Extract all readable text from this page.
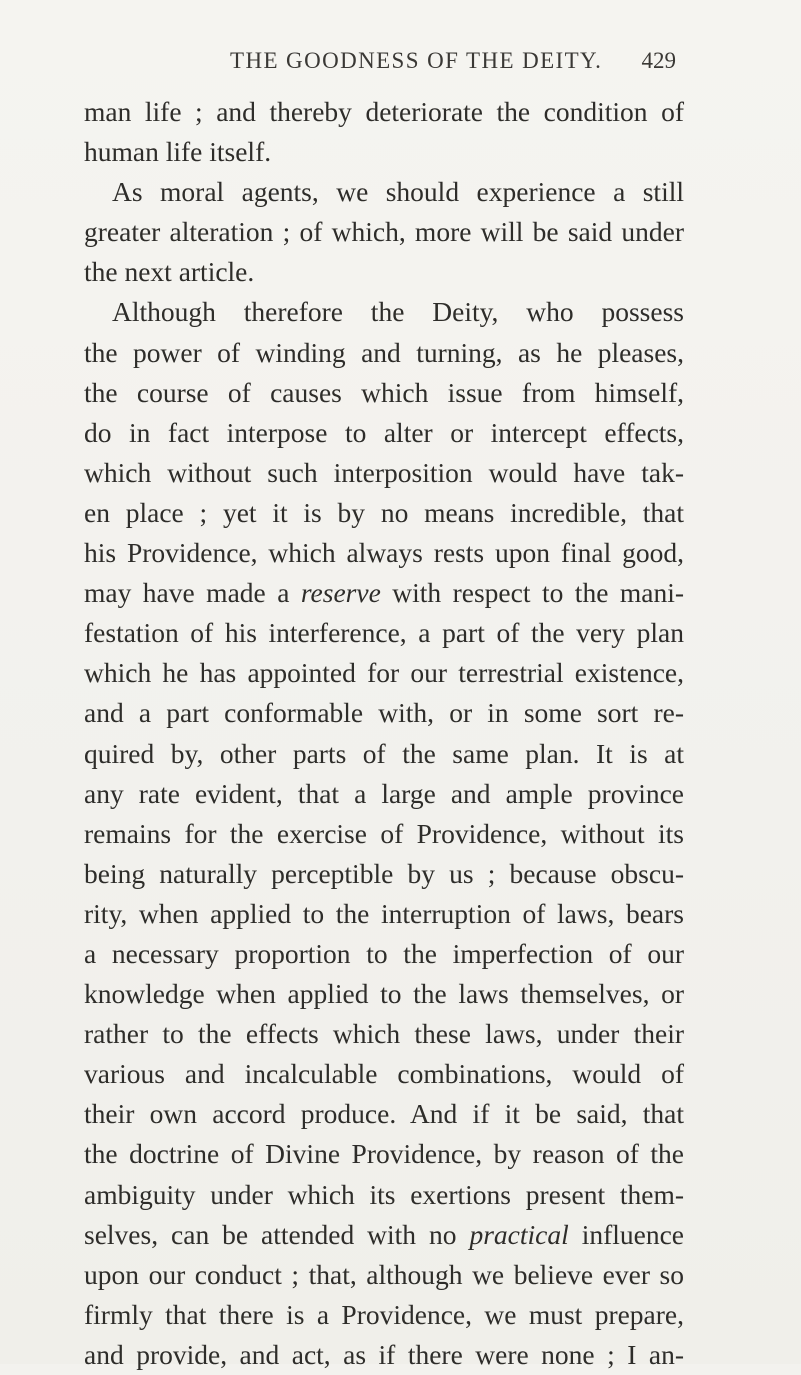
THE GOODNESS OF THE DEITY. 429
man life ; and thereby deteriorate the condition of
human life itself.
As moral agents, we should experience a still
greater alteration ; of which, more will be said under
the next article.
Although therefore the Deity, who possess
the power of winding and turning, as he pleases,
the course of causes which issue from himself,
do in fact interpose to alter or intercept effects,
which without such interposition would have tak-
en place ; yet it is by no means incredible, that
his Providence, which always rests upon final good,
may have made a reserve with respect to the mani-
festation of his interference, a part of the very plan
which he has appointed for our terrestrial existence,
and a part conformable with, or in some sort re-
quired by, other parts of the same plan. It is at
any rate evident, that a large and ample province
remains for the exercise of Providence, without its
being naturally perceptible by us ; because obscu-
rity, when applied to the interruption of laws, bears
a necessary proportion to the imperfection of our
knowledge when applied to the laws themselves, or
rather to the effects which these laws, under their
various and incalculable combinations, would of
their own accord produce. And if it be said, that
the doctrine of Divine Providence, by reason of the
ambiguity under which its exertions present them-
selves, can be attended with no practical influence
upon our conduct ; that, although we believe ever so
firmly that there is a Providence, we must prepare,
and provide, and act, as if there were none ; I an-
